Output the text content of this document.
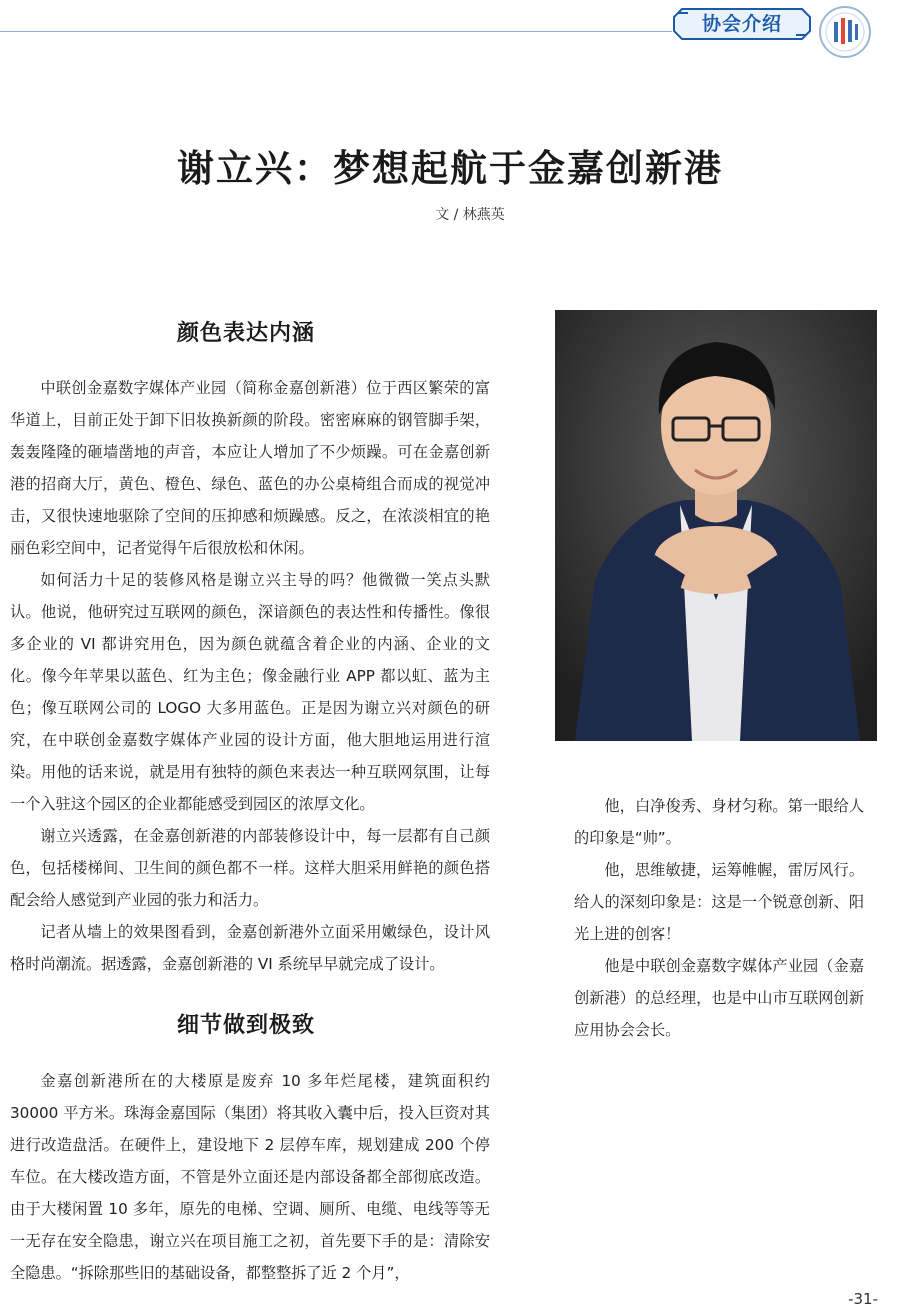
协会介绍
谢立兴：梦想起航于金嘉创新港
文 / 林燕英
颜色表达内涵

中联创金嘉数字媒体产业园（简称金嘉创新港）位于西区繁荣的富华道上，目前正处于卸下旧妆换新颜的阶段。密密麻麻的钢管脚手架，轰轰隆隆的砸墙凿地的声音，本应让人增加了不少烦躁。可在金嘉创新港的招商大厅，黄色、橙色、绿色、蓝色的办公桌椅组合而成的视觉冲击，又很快速地驱除了空间的压抑感和烦躁感。反之，在浓淡相宜的艳丽色彩空间中，记者觉得午后很放松和休闲。

如何活力十足的装修风格是谢立兴主导的吗？他微微一笑点头默认。他说，他研究过互联网的颜色，深谙颜色的表达性和传播性。像很多企业的 VI 都讲究用色，因为颜色就蕴含着企业的内涵、企业的文化。像今年苹果以蓝色、红为主色；像金融行业 APP 都以虹、蓝为主色；像互联网公司的 LOGO 大多用蓝色。正是因为谢立兴对颜色的研究，在中联创金嘉数字媒体产业园的设计方面，他大胆地运用进行渲染。用他的话来说，就是用有独特的颜色来表达一种互联网氛围，让每一个入驻这个园区的企业都能感受到园区的浓厚文化。

谢立兴透露，在金嘉创新港的内部装修设计中，每一层都有自己颜色，包括楼梯间、卫生间的颜色都不一样。这样大胆采用鲜艳的颜色搭配会给人感觉到产业园的张力和活力。

记者从墙上的效果图看到，金嘉创新港外立面采用嫩绿色，设计风格时尚潮流。据透露，金嘉创新港的 VI 系统早早就完成了设计。

细节做到极致

金嘉创新港所在的大楼原是废弃 10 多年烂尾楼，建筑面积约 30000 平方米。珠海金嘉国际（集团）将其收入囊中后，投入巨资对其进行改造盘活。在硬件上，建设地下 2 层停车库，规划建成 200 个停车位。在大楼改造方面，不管是外立面还是内部设备都全部彻底改造。由于大楼闲置 10 多年，原先的电梯、空调、厕所、电缆、电线等等无一无存在安全隐患，谢立兴在项目施工之初，首先要下手的是：清除安全隐患。“拆除那些旧的基础设备，都整整拆了近 2 个月”，

他，白净俊秀、身材匀称。第一眼给人的印象是“帅”。

他，思维敏捷，运筹帷幄，雷厉风行。给人的深刻印象是：这是一个锐意创新、阳光上进的创客！

他是中联创金嘉数字媒体产业园（金嘉创新港）的总经理，也是中山市互联网创新应用协会会长。

-31-
